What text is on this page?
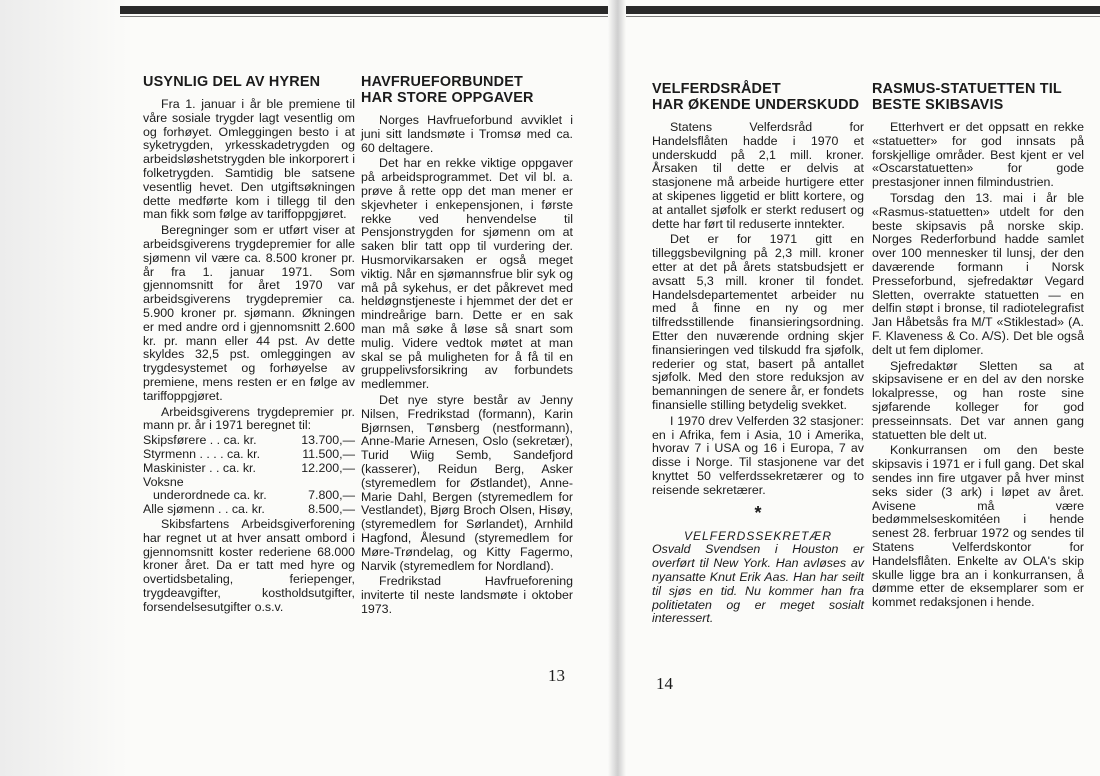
USYNLIG DEL AV HYREN

Fra 1. januar i år ble premiene til våre sosiale trygder lagt vesentlig om og forhøyet. Omleggingen besto i at syketrygden, yrkesskadetrygden og arbeidsløshetstrygden ble inkorporert i folketrygden. Samtidig ble satsene vesentlig hevet. Den utgiftsøkningen dette medførte kom i tillegg til den man fikk som følge av tariffoppgjøret.

Beregninger som er utført viser at arbeidsgiverens trygdepremier for alle sjømenn vil være ca. 8.500 kroner pr. år fra 1. januar 1971. Som gjennomsnitt for året 1970 var arbeidsgiverens trygdepremier ca. 5.900 kroner pr. sjømann. Økningen er med andre ord i gjennomsnitt 2.600 kr. pr. mann eller 44 pst. Av dette skyldes 32,5 pst. omleggingen av trygdesystemet og forhøyelse av premiene, mens resten er en følge av tariffoppgjøret.

Arbeidsgiverens trygdepremier pr. mann pr. år i 1971 beregnet til:

Skipsførere . . ca. kr.	13.700,—
Styrmenn . . . . ca. kr.	11.500,—
Maskinister . . ca. kr.	12.200,—
Voksne
underordnede ca. kr.	7.800,—
Alle sjømenn . . ca. kr.	8.500,—

Skibsfartens Arbeidsgiverforening har regnet ut at hver ansatt ombord i gjennomsnitt koster rederiene 68.000 kroner året. Da er tatt med hyre og overtidsbetaling, feriepenger, trygdeavgifter, kostholdsutgifter, forsendelsesutgifter o.s.v.

HAVFRUEFORBUNDET
HAR STORE OPPGAVER

Norges Havfrueforbund avviklet i juni sitt landsmøte i Tromsø med ca. 60 deltagere.

Det har en rekke viktige oppgaver på arbeidsprogrammet. Det vil bl. a. prøve å rette opp det man mener er skjevheter i enkepensjonen, i første rekke ved henvendelse til Pensjonstrygden for sjømenn om at saken blir tatt opp til vurdering der. Husmorvikarsaken er også meget viktig. Når en sjømannsfrue blir syk og må på sykehus, er det påkrevet med heldøgnstjeneste i hjemmet der det er mindreårige barn. Dette er en sak man må søke å løse så snart som mulig. Videre vedtok møtet at man skal se på muligheten for å få til en gruppelivsforsikring av forbundets medlemmer.

Det nye styre består av Jenny Nilsen, Fredrikstad (formann), Karin Bjørnsen, Tønsberg (nestformann), Anne-Marie Arnesen, Oslo (sekretær), Turid Wiig Semb, Sandefjord (kasserer), Reidun Berg, Asker (styremedlem for Østlandet), Anne-Marie Dahl, Bergen (styremedlem for Vestlandet), Bjørg Broch Olsen, Hisøy, (styremedlem for Sørlandet), Arnhild Hagfond, Ålesund (styremedlem for Møre-Trøndelag, og Kitty Fagermo, Narvik (styremedlem for Nordland).

Fredrikstad Havfrueforening inviterte til neste landsmøte i oktober 1973.

13
VELFERDSRÅDET
HAR ØKENDE UNDERSKUDD

Statens Velferdsråd for Handelsflåten hadde i 1970 et underskudd på 2,1 mill. kroner. Årsaken til dette er delvis at stasjonene må arbeide hurtigere etter at skipenes liggetid er blitt kortere, og at antallet sjøfolk er sterkt redusert og dette har ført til reduserte inntekter.

Det er for 1971 gitt en tilleggsbevilgning på 2,3 mill. kroner etter at det på årets statsbudsjett er avsatt 5,3 mill. kroner til fondet. Handelsdepartementet arbeider nu med å finne en ny og mer tilfredsstillende finansieringsordning. Etter den nuværende ordning skjer finansieringen ved tilskudd fra sjøfolk, rederier og stat, basert på antallet sjøfolk. Med den store reduksjon av bemanningen de senere år, er fondets finansielle stilling betydelig svekket.

I 1970 drev Velferden 32 stasjoner: en i Afrika, fem i Asia, 10 i Amerika, hvorav 7 i USA og 16 i Europa, 7 av disse i Norge. Til stasjonene var det knyttet 50 velferdssekretærer og to reisende sekretærer.

*
VELFERDSSEKRETÆR

Osvald Svendsen i Houston er overført til New York. Han avløses av nyansatte Knut Erik Aas. Han har seilt til sjøs en tid. Nu kommer han fra politietaten og er meget sosialt interessert.

14
RASMUS-STATUETTEN TIL
BESTE SKIBSAVIS

Etterhvert er det oppsatt en rekke «statuetter» for god innsats på forskjellige områder. Best kjent er vel «Oscarstatuetten» for gode prestasjoner innen filmindustrien.

Torsdag den 13. mai i år ble «Rasmus-statuetten» utdelt for den beste skipsavis på norske skip. Norges Rederforbund hadde samlet over 100 mennesker til lunsj, der den daværende formann i Norsk Presseforbund, sjefredaktør Vegard Sletten, overrakte statuetten — en delfin støpt i bronse, til radiotelegrafist Jan Håbetsås fra M/T «Stiklestad» (A. F. Klaveness & Co. A/S). Det ble også delt ut fem diplomer.

Sjefredaktør Sletten sa at skipsavisene er en del av den norske lokalpresse, og han roste sine sjøfarende kolleger for god presseinnsats. Det var annen gang statuetten ble delt ut.

Konkurransen om den beste skipsavis i 1971 er i full gang. Det skal sendes inn fire utgaver på hver minst seks sider (3 ark) i løpet av året. Avisene må være bedømmelseskomitéen i hende senest 28. ferbruar 1972 og sendes til Statens Velferdskontor for Handelsflåten. Enkelte av OLA's skip skulle ligge bra an i konkurransen, å dømme etter de eksemplarer som er kommet redaksjonen i hende.
